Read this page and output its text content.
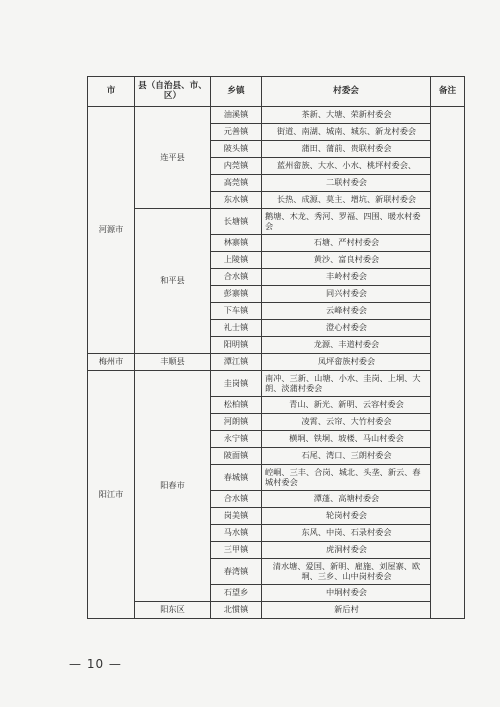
市	县（自治县、市、区）	乡镇	村委会	备注
河源市	连平县	油溪镇	茶新、大塘、荣新村委会	
		元善镇	街道、南湖、城南、城东、新龙村委会	
		陂头镇	蒲田、蒲前、贵联村委会	
		内莞镇	蓝州畲族、大水、小水、桃坪村委会、	
		高莞镇	二联村委会	
		东水镇	长热、成源、莫主、增坑、新联村委会	
	和平县	长塘镇	鹅塘、木龙、秀河、罗福、四围、暖水村委会	
		林寨镇	石塘、严村村委会	
		上陵镇	黄沙、富良村委会	
		合水镇	丰岭村委会	
		彭寨镇	同兴村委会	
		下车镇	云峰村委会	
		礼士镇	澄心村委会	
		阳明镇	龙源、丰道村委会	
梅州市	丰顺县	潭江镇	凤坪畲族村委会	
阳江市	阳春市	圭岗镇	南冲、三新、山塘、小水、圭岗、上垌、大朗、淡蒲村委会	
		松柏镇	青山、新光、新明、云容村委会	
		河朗镇	凌霄、云帘、大竹村委会	
		永宁镇	横垌、铁垌、坡楼、马山村委会	
		陂面镇	石尾、湾口、三朗村委会	
		春城镇	崆峒、三丰、合岗、城北、头垄、新云、春城村委会	
		合水镇	潭蓬、高塘村委会	
		岗美镇	轮岗村委会	
		马水镇	东风、中岗、石录村委会	
		三甲镇	虎洞村委会	
		春湾镇	清水塘、爱国、新明、雇施、刘屋寨、欧垌、三乡、山中岗村委会	
		石望乡	中垌村委会	
	阳东区	北惯镇	新后村	
— 10 —
